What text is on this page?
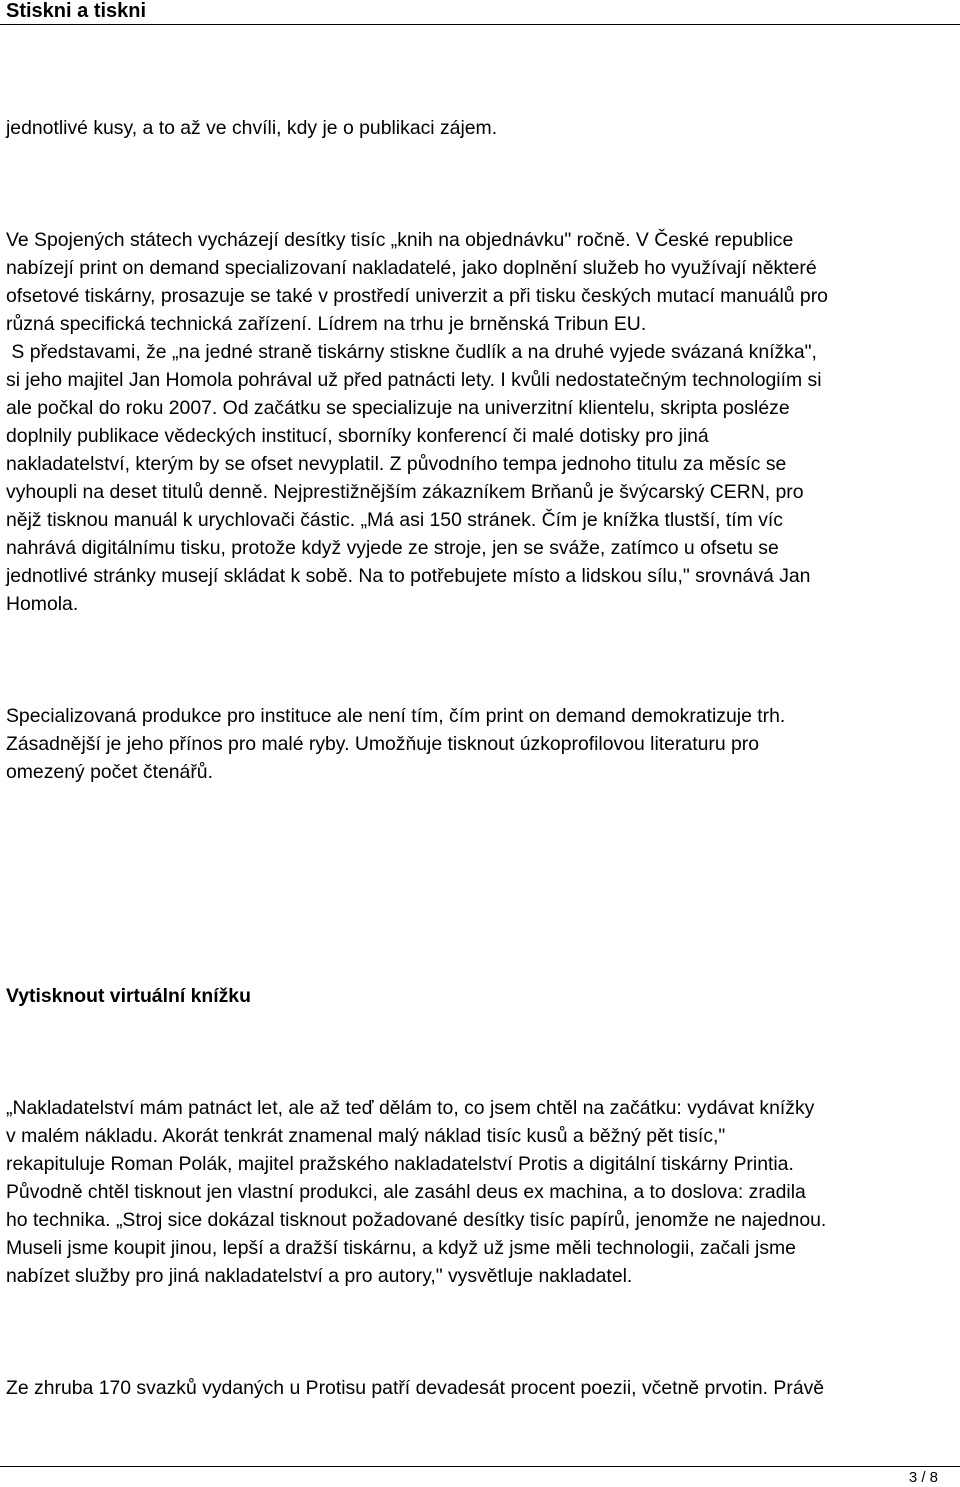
Stiskni a tiskni

jednotlivé kusy, a to až ve chvíli, kdy je o publikaci zájem.

Ve Spojených státech vycházejí desítky tisíc „knih na objednávku" ročně. V České republice
nabízejí print on demand specializovaní nakladatelé, jako doplnění služeb ho využívají některé
ofsetové tiskárny, prosazuje se také v prostředí univerzit a při tisku českých mutací manuálů pro
různá specifická technická zařízení. Lídrem na trhu je brněnská Tribun EU.
S představami, že „na jedné straně tiskárny stiskne čudlík a na druhé vyjede svázaná knížka",
si jeho majitel Jan Homola pohrával už před patnácti lety. I kvůli nedostatečným technologiím si
ale počkal do roku 2007. Od začátku se specializuje na univerzitní klientelu, skripta posléze
doplnily publikace vědeckých institucí, sborníky konferencí či malé dotisky pro jiná
nakladatelství, kterým by se ofset nevyplatil. Z původního tempa jednoho titulu za měsíc se
vyhoupli na deset titulů denně. Nejprestižnějším zákazníkem Brňanů je švýcarský CERN, pro
nějž tisknou manuál k urychlovači částic. „Má asi 150 stránek. Čím je knížka tlustší, tím víc
nahrává digitálnímu tisku, protože když vyjede ze stroje, jen se sváže, zatímco u ofsetu se
jednotlivé stránky musejí skládat k sobě. Na to potřebujete místo a lidskou sílu," srovnává Jan
Homola.

Specializovaná produkce pro instituce ale není tím, čím print on demand demokratizuje trh.
Zásadnější je jeho přínos pro malé ryby. Umožňuje tisknout úzkoprofilovou literaturu pro
omezený počet čtenářů.

Vytisknout virtuální knížku

„Nakladatelství mám patnáct let, ale až teď dělám to, co jsem chtěl na začátku: vydávat knížky
v malém nákladu. Akorát tenkrát znamenal malý náklad tisíc kusů a běžný pět tisíc,"
rekapituluje Roman Polák, majitel pražského nakladatelství Protis a digitální tiskárny Printia.
Původně chtěl tisknout jen vlastní produkci, ale zasáhl deus ex machina, a to doslova: zradila
ho technika. „Stroj sice dokázal tisknout požadované desítky tisíc papírů, jenomže ne najednou.
Museli jsme koupit jinou, lepší a dražší tiskárnu, a když už jsme měli technologii, začali jsme
nabízet služby pro jiná nakladatelství a pro autory," vysvětluje nakladatel.

Ze zhruba 170 svazků vydaných u Protisu patří devadesát procent poezii, včetně prvotin. Právě

3 / 8
